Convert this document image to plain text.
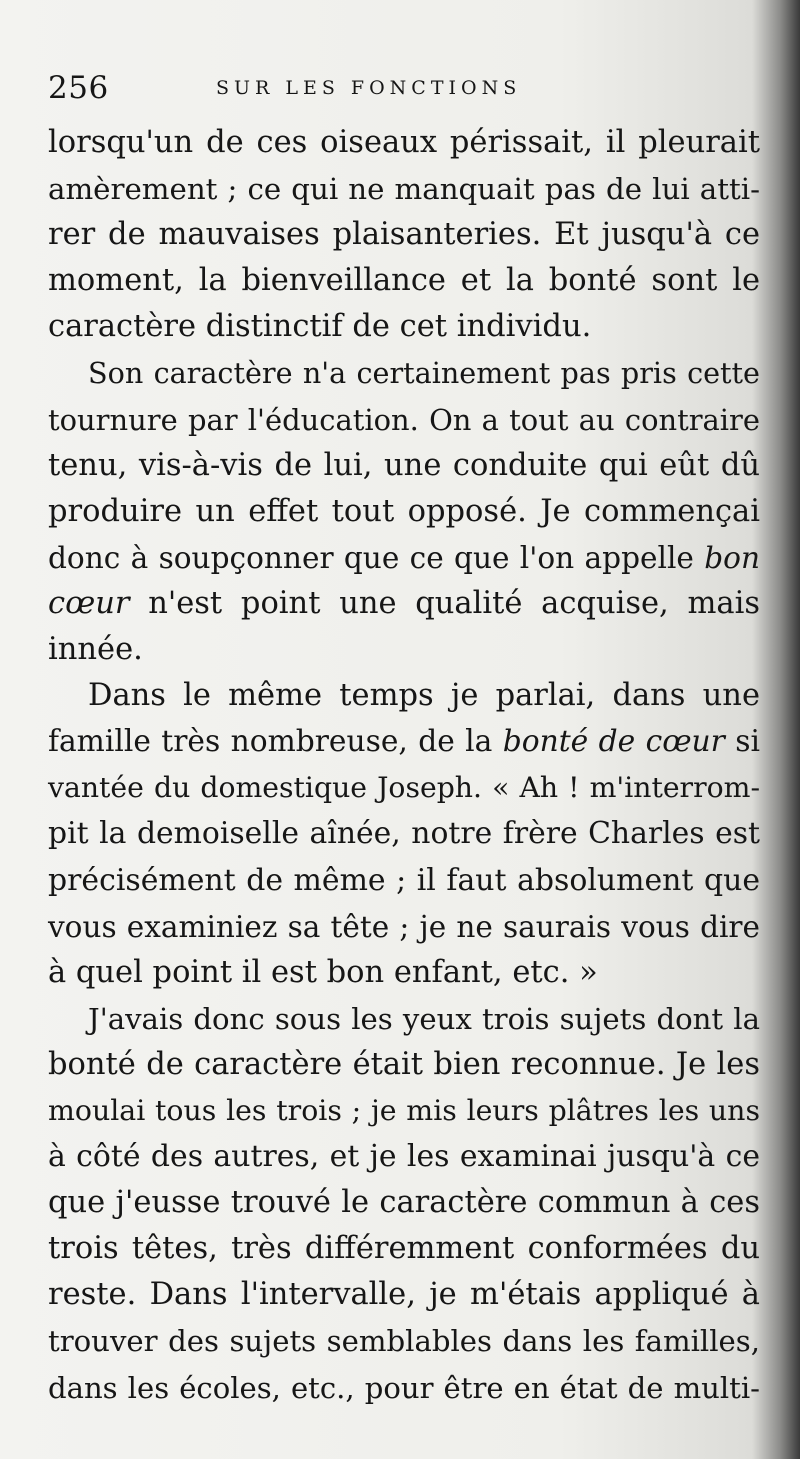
256	SUR LES FONCTIONS
lorsqu'un de ces oiseaux périssait, il pleurait
amèrement ; ce qui ne manquait pas de lui atti-
rer de mauvaises plaisanteries. Et jusqu'à ce
moment, la bienveillance et la bonté sont le
caractère distinctif de cet individu.
Son caractère n'a certainement pas pris cette
tournure par l'éducation. On a tout au contraire
tenu, vis-à-vis de lui, une conduite qui eût dû
produire un effet tout opposé. Je commençai
donc à soupçonner que ce que l'on appelle bon
cœur n'est point une qualité acquise, mais
innée.
Dans le même temps je parlai, dans une
famille très nombreuse, de la bonté de cœur si
vantée du domestique Joseph. « Ah ! m'interrom-
pit la demoiselle aînée, notre frère Charles est
précisément de même ; il faut absolument que
vous examiniez sa tête ; je ne saurais vous dire
à quel point il est bon enfant, etc. »
J'avais donc sous les yeux trois sujets dont la
bonté de caractère était bien reconnue. Je les
moulai tous les trois ; je mis leurs plâtres les uns
à côté des autres, et je les examinai jusqu'à ce
que j'eusse trouvé le caractère commun à ces
trois têtes, très différemment conformées du
reste. Dans l'intervalle, je m'étais appliqué à
trouver des sujets semblables dans les familles,
dans les écoles, etc., pour être en état de multi-
